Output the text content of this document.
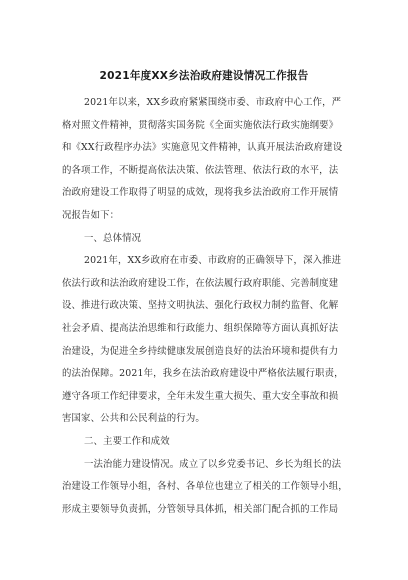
2021年度XX乡法治政府建设情况工作报告
2021年以来，XX乡政府紧紧围绕市委、市政府中心工作，严
格对照文件精神，贯彻落实国务院《全面实施依法行政实施纲要》
和《XX行政程序办法》实施意见文件精神，认真开展法治政府建设
的各项工作，不断提高依法决策、依法管理、依法行政的水平，法
治政府建设工作取得了明显的成效，现将我乡法治政府工作开展情
况报告如下：
一、总体情况
2021年，XX乡政府在市委、市政府的正确领导下，深入推进
依法行政和法治政府建设工作，在依法履行政府职能、完善制度建
设、推进行政决策、坚持文明执法、强化行政权力制约监督、化解
社会矛盾、提高法治思维和行政能力、组织保障等方面认真抓好法
治建设，为促进全乡持续健康发展创造良好的法治环境和提供有力
的法治保障。2021年，我乡在法治政府建设中严格依法履行职责，
遵守各项工作纪律要求，全年未发生重大损失、重大安全事故和损
害国家、公共和公民利益的行为。
二、主要工作和成效
一法治能力建设情况。成立了以乡党委书记、乡长为组长的法
治建设工作领导小组，各村、各单位也建立了相关的工作领导小组，
形成主要领导负责抓，分管领导具体抓，相关部门配合抓的工作局
